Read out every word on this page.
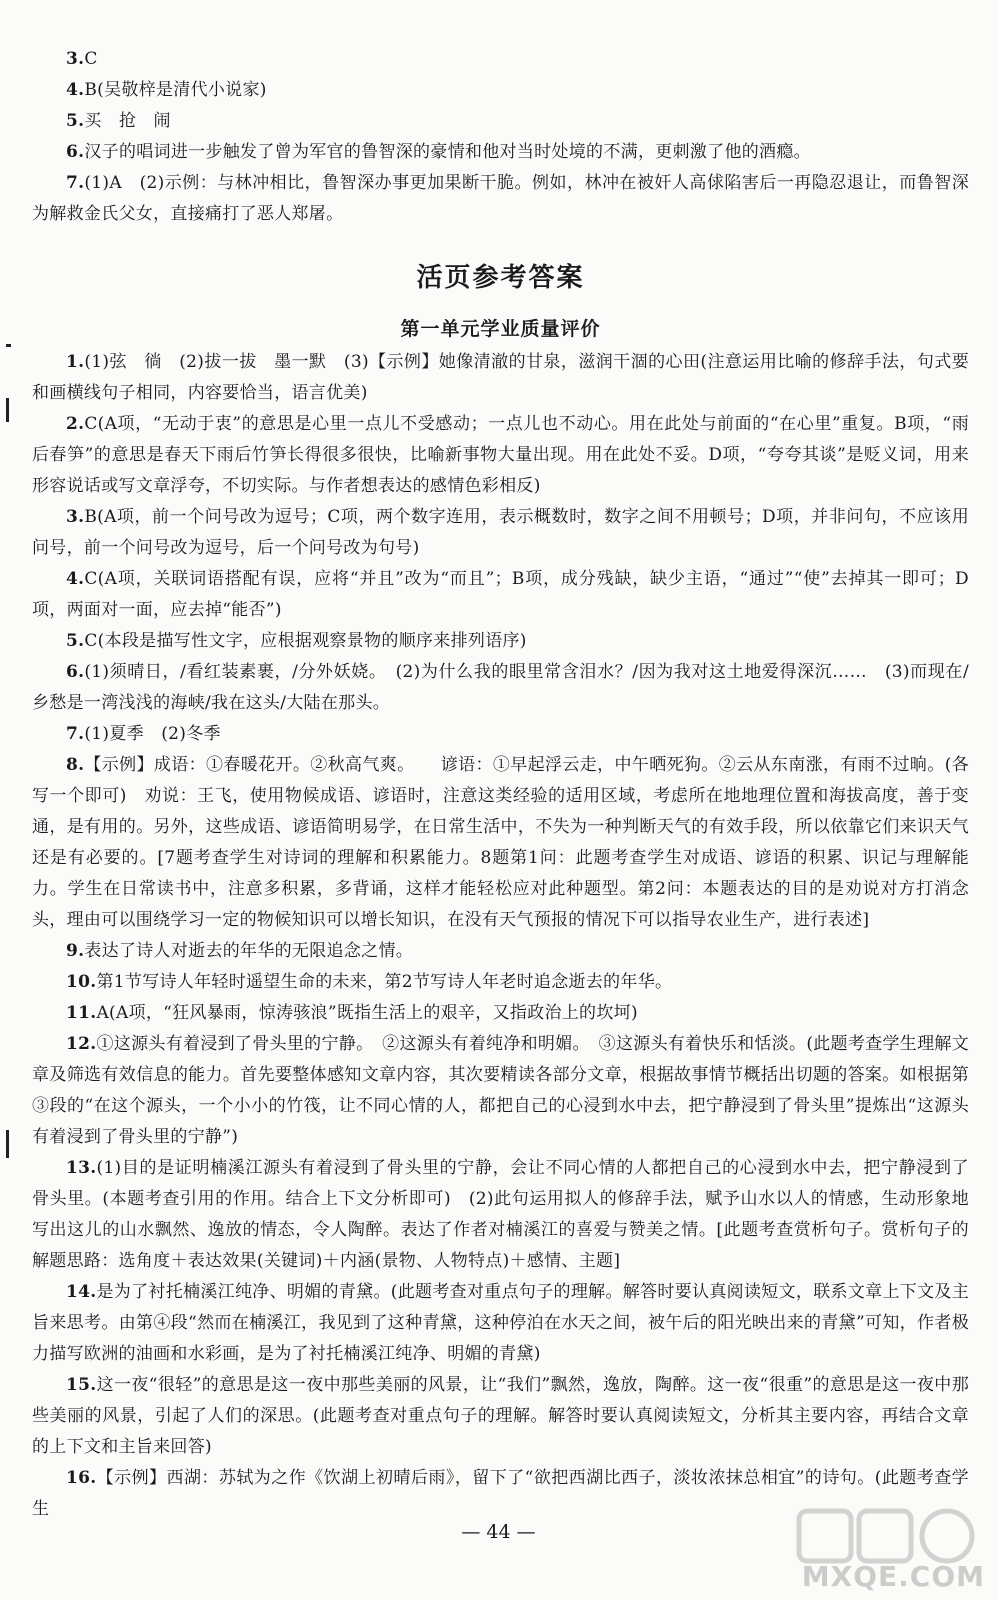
3.C

4.B(吴敬梓是清代小说家)

5.买　抢　闹

6.汉子的唱词进一步触发了曾为军官的鲁智深的豪情和他对当时处境的不满，更刺激了他的酒瘾。

7.(1)A　(2)示例：与林冲相比，鲁智深办事更加果断干脆。例如，林冲在被奸人高俅陷害后一再隐忍退让，而鲁智深为解救金氏父女，直接痛打了恶人郑屠。

活页参考答案
第一单元学业质量评价

1.(1)弦　徜　(2)拔一拔　墨一默　(3)【示例】她像清澈的甘泉，滋润干涸的心田(注意运用比喻的修辞手法，句式要和画横线句子相同，内容要恰当，语言优美)

2.C(A项，“无动于衷”的意思是心里一点儿不受感动；一点儿也不动心。用在此处与前面的“在心里”重复。B项，“雨后春笋”的意思是春天下雨后竹笋长得很多很快，比喻新事物大量出现。用在此处不妥。D项，“夸夸其谈”是贬义词，用来形容说话或写文章浮夸，不切实际。与作者想表达的感情色彩相反)

3.B(A项，前一个问号改为逗号；C项，两个数字连用，表示概数时，数字之间不用顿号；D项，并非问句，不应该用问号，前一个问号改为逗号，后一个问号改为句号)

4.C(A项，关联词语搭配有误，应将“并且”改为“而且”；B项，成分残缺，缺少主语，“通过”“使”去掉其一即可；D项，两面对一面，应去掉“能否”)

5.C(本段是描写性文字，应根据观察景物的顺序来排列语序)

6.(1)须晴日，/看红装素裹，/分外妖娆。　(2)为什么我的眼里常含泪水？/因为我对这土地爱得深沉……　(3)而现在/乡愁是一湾浅浅的海峡/我在这头/大陆在那头。

7.(1)夏季　(2)冬季

8.【示例】成语：①春暖花开。②秋高气爽。　　谚语：①早起浮云走，中午晒死狗。②云从东南涨，有雨不过晌。(各写一个即可)　劝说：王飞，使用物候成语、谚语时，注意这类经验的适用区域，考虑所在地地理位置和海拔高度，善于变通，是有用的。另外，这些成语、谚语简明易学，在日常生活中，不失为一种判断天气的有效手段，所以依靠它们来识天气还是有必要的。[7题考查学生对诗词的理解和积累能力。8题第1问：此题考查学生对成语、谚语的积累、识记与理解能力。学生在日常读书中，注意多积累，多背诵，这样才能轻松应对此种题型。第2问：本题表达的目的是劝说对方打消念头，理由可以围绕学习一定的物候知识可以增长知识，在没有天气预报的情况下可以指导农业生产，进行表述]

9.表达了诗人对逝去的年华的无限追念之情。

10.第1节写诗人年轻时遥望生命的未来，第2节写诗人年老时追念逝去的年华。

11.A(A项，“狂风暴雨，惊涛骇浪”既指生活上的艰辛，又指政治上的坎坷)

12.①这源头有着浸到了骨头里的宁静。　②这源头有着纯净和明媚。　③这源头有着快乐和恬淡。(此题考查学生理解文章及筛选有效信息的能力。首先要整体感知文章内容，其次要精读各部分文章，根据故事情节概括出切题的答案。如根据第③段的“在这个源头，一个小小的竹筏，让不同心情的人，都把自己的心浸到水中去，把宁静浸到了骨头里”提炼出“这源头有着浸到了骨头里的宁静”)

13.(1)目的是证明楠溪江源头有着浸到了骨头里的宁静，会让不同心情的人都把自己的心浸到水中去，把宁静浸到了骨头里。(本题考查引用的作用。结合上下文分析即可)　(2)此句运用拟人的修辞手法，赋予山水以人的情感，生动形象地写出这儿的山水飘然、逸放的情态，令人陶醉。表达了作者对楠溪江的喜爱与赞美之情。[此题考查赏析句子。赏析句子的解题思路：选角度＋表达效果(关键词)＋内涵(景物、人物特点)＋感情、主题]

14.是为了衬托楠溪江纯净、明媚的青黛。(此题考查对重点句子的理解。解答时要认真阅读短文，联系文章上下文及主旨来思考。由第④段“然而在楠溪江，我见到了这种青黛，这种停泊在水天之间，被午后的阳光映出来的青黛”可知，作者极力描写欧洲的油画和水彩画，是为了衬托楠溪江纯净、明媚的青黛)

15.这一夜“很轻”的意思是这一夜中那些美丽的风景，让“我们”飘然，逸放，陶醉。这一夜“很重”的意思是这一夜中那些美丽的风景，引起了人们的深思。(此题考查对重点句子的理解。解答时要认真阅读短文，分析其主要内容，再结合文章的上下文和主旨来回答)

16.【示例】西湖：苏轼为之作《饮湖上初晴后雨》，留下了“欲把西湖比西子，淡妆浓抹总相宜”的诗句。(此题考查学生

— 44 —
MXQE.COM
